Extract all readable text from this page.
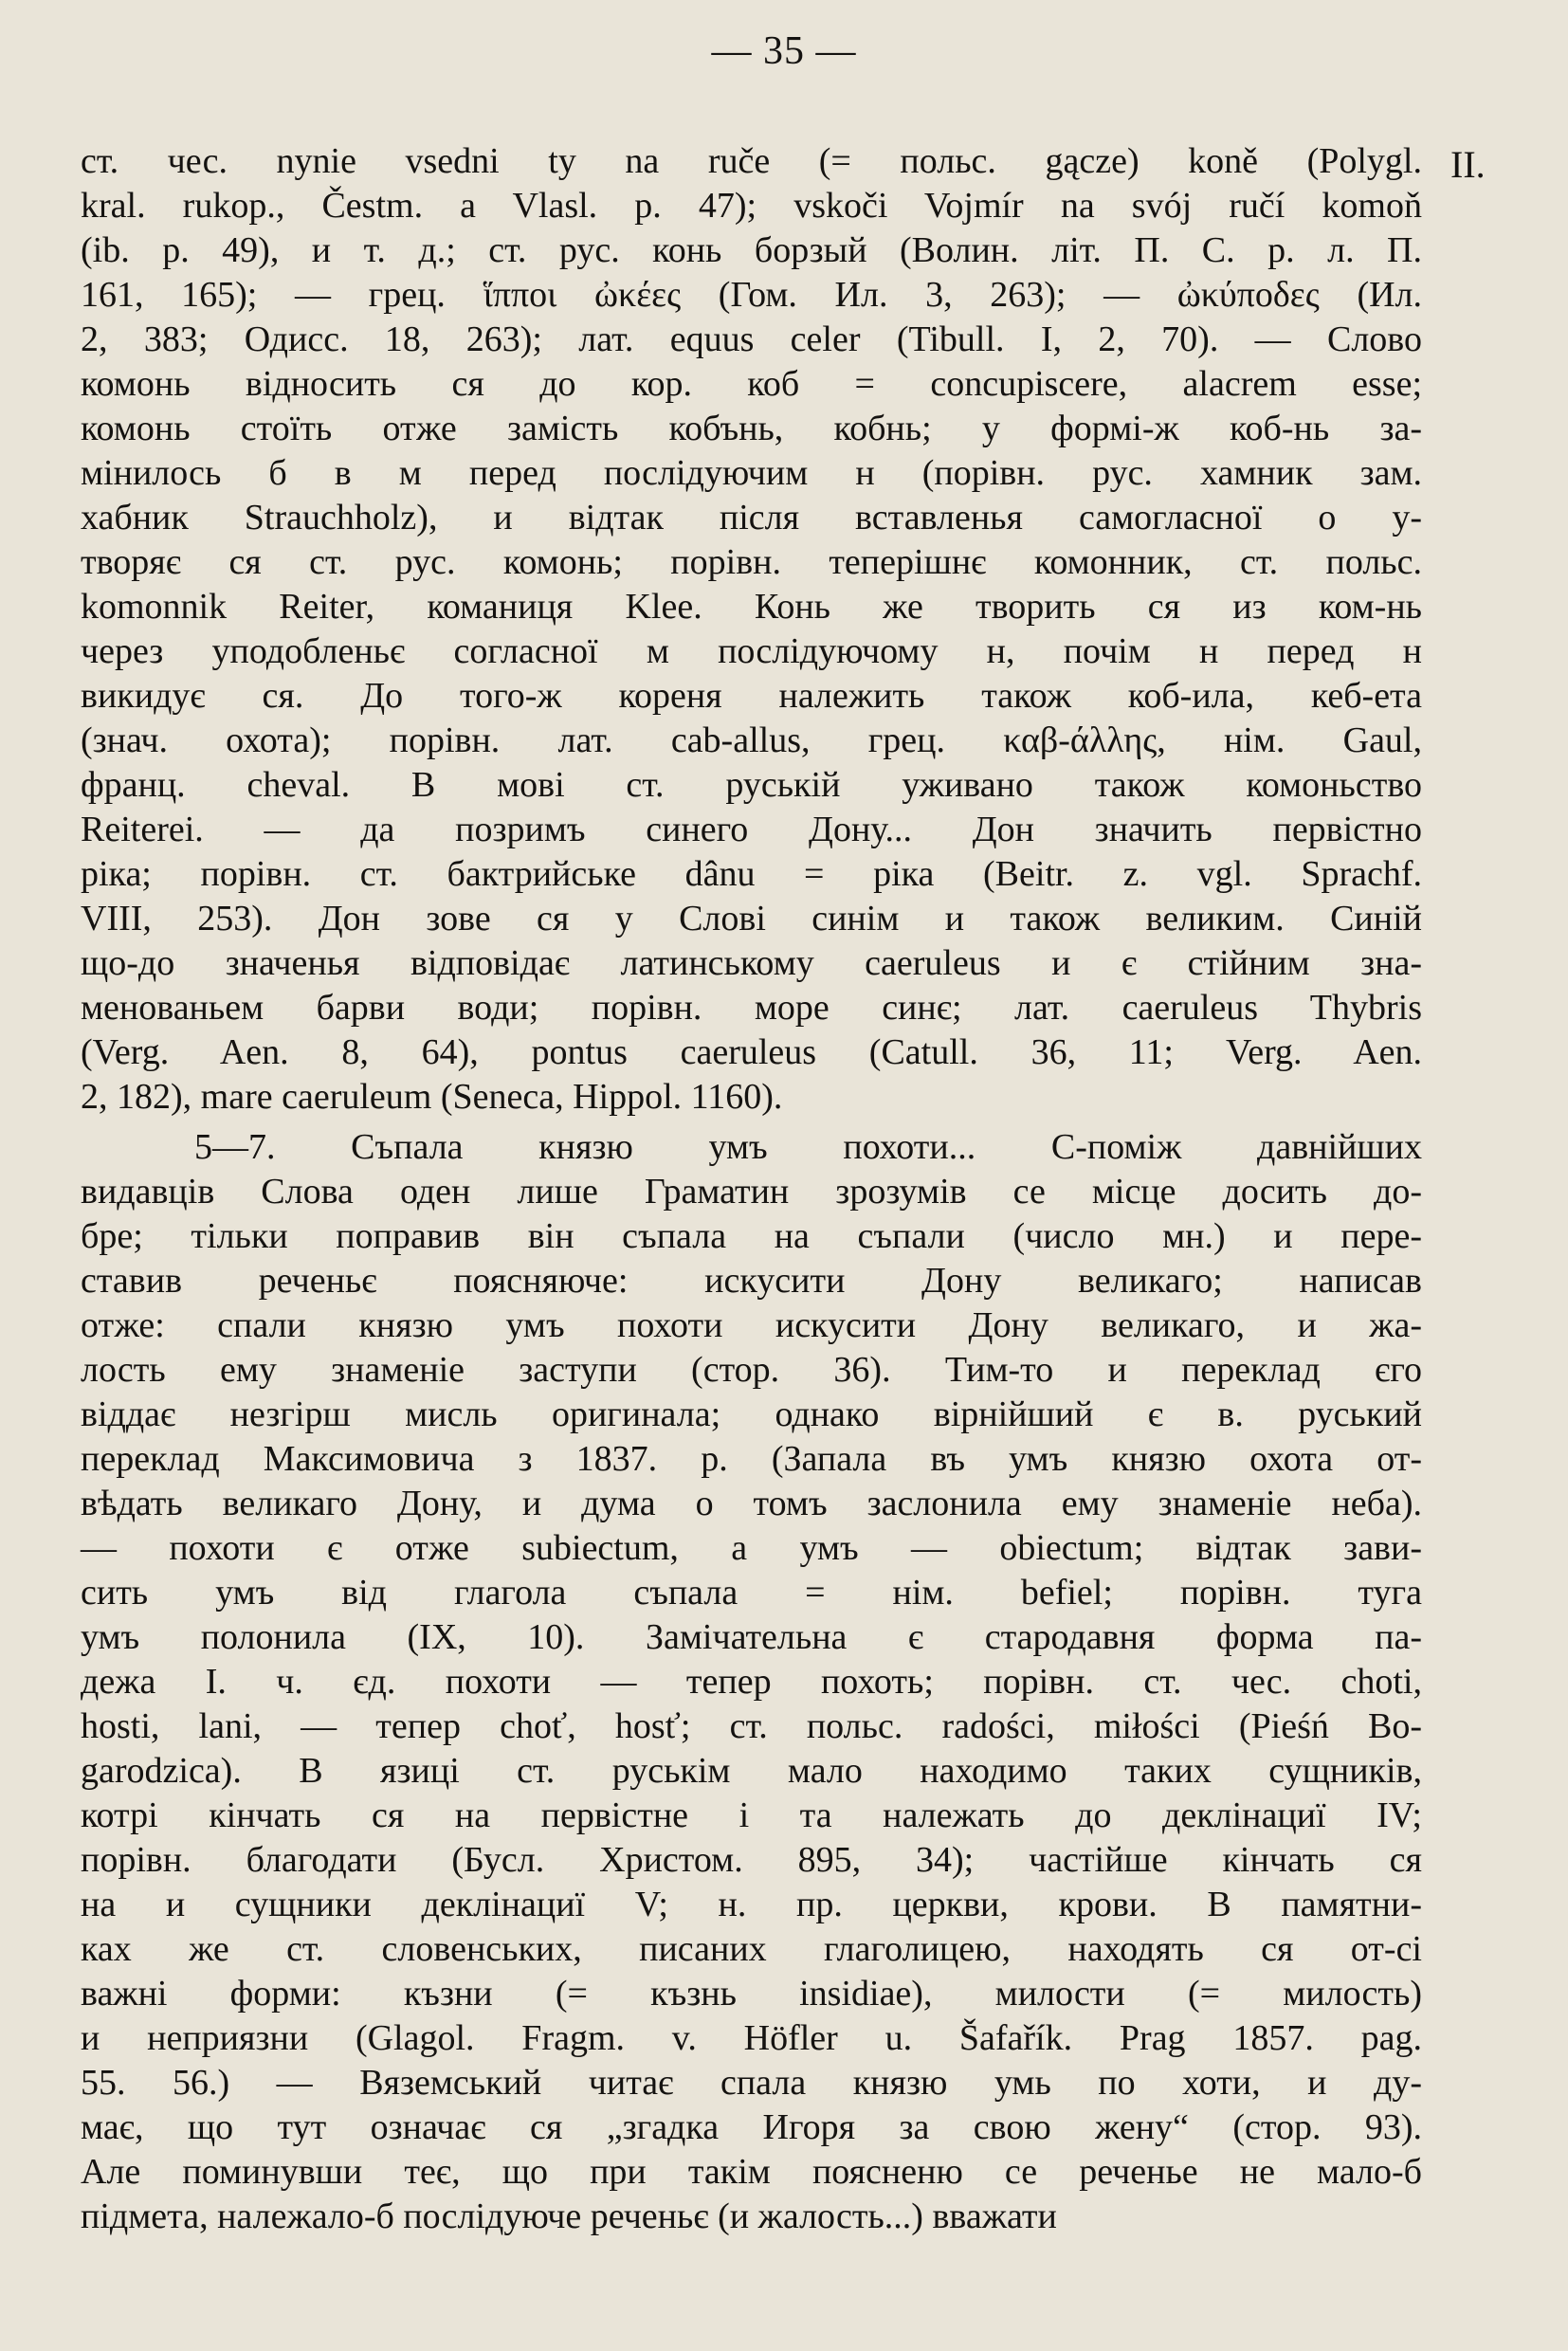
— 35 —
II.
ст. чес. nynie vsedni ty na ruče (= польс. gącze) koně (Polygl.
kral. rukop., Čestm. a Vlasl. p. 47); vskoči Vojmír na svój ručí komoň
(ib. p. 49), и т. д.; ст. рус. конь борзый (Волин. літ. П. С. р. л. П.
161, 165); — грец. ἵπποι ὠκέες (Гом. Ил. 3, 263); — ὠκύποδες (Ил.
2, 383; Одисс. 18, 263); лат. equus celer (Tibull. I, 2, 70). — Слово
комонь відносить ся до кор. коб = concupiscere, alacrem esse;
комонь стоїть отже замість кобънь, кобнь; у формі-ж коб-нь за-
мінилось б в м перед послідуючим н (порівн. рус. хамник зам.
хабник Strauchholz), и відтак після вставленья самогласної о у-
творяє ся ст. рус. комонь; порівн. теперішнє комонник, ст. польс.
komonnik Reiter, команиця Klee. Конь же творить ся из ком-нь
через уподобленьє согласної м послідуючому н, почім н перед н
викидує ся. До того-ж кореня належить також коб-ила, кеб-ета
(знач. охота); порівн. лат. cab-allus, грец. καβ-άλλης, нім. Gaul,
франц. cheval. В мові ст. руській уживано також комоньство
Reiterei. — да позримъ синего Дону... Дон значить первістно
ріка; порівн. ст. бактрийське dânu = ріка (Beitr. z. vgl. Sprachf.
VIII, 253). Дон зове ся у Слові синім и також великим. Синій
що-до значенья відповідає латинському caeruleus и є стійним зна-
менованьем барви води; порівн. море синє; лат. caeruleus Thybris
(Verg. Aen. 8, 64), pontus caeruleus (Catull. 36, 11; Verg. Aen.
2, 182), mare caeruleum (Seneca, Hippol. 1160).
5—7. Съпала князю умъ похоти... С-поміж давнійших
видавців Слова оден лише Граматин зрозумів се місце досить до-
бре; тільки поправив він съпала на съпали (число мн.) и пере-
ставив реченьє поясняюче: искусити Дону великаго; написав
отже: спали князю умъ похоти искусити Дону великаго, и жа-
лость ему знаменіе заступи (стор. 36). Тим-то и переклад єго
віддає незгірш мисль оригинала; однако вірнійший є в. руський
переклад Максимовича з 1837. р. (Запала въ умъ князю охота от-
вѣдать великаго Дону, и дума о томъ заслонила ему знаменіе неба).
— похоти є отже subiectum, а умъ — obiectum; відтак зави-
сить умъ від глагола съпала = нім. befiel; порівн. туга
умъ полонила (IX, 10). Замічательна є стародавня форма па-
дежа І. ч. єд. похоти — тепер похоть; порівн. ст. чес. choti,
hosti, lani, — тепер choť, hosť; ст. польс. radości, miłości (Pieśń Bo-
garodzica). В язиці ст. руськім мало находимо таких сущників,
котрі кінчать ся на первістне і та належать до деклінациї IV;
порівн. благодати (Бусл. Христом. 895, 34); частійше кінчать ся
на и сущники деклінациї V; н. пр. церкви, крови. В памятни-
ках же ст. словенських, писаних глаголицею, находять ся от-сі
важні форми: къзни (= къзнь insidiae), милости (= милость)
и неприязни (Glagol. Fragm. v. Höfler u. Šafařík. Prag 1857. pag.
55. 56.) — Вяземський читає спала князю умь по хоти, и ду-
має, що тут означає ся „згадка Игоря за свою жену“ (стор. 93).
Але поминувши теє, що при такім поясненю се реченье не мало-б
підмета, належало-б послідуюче реченьє (и жалость...) вважати
